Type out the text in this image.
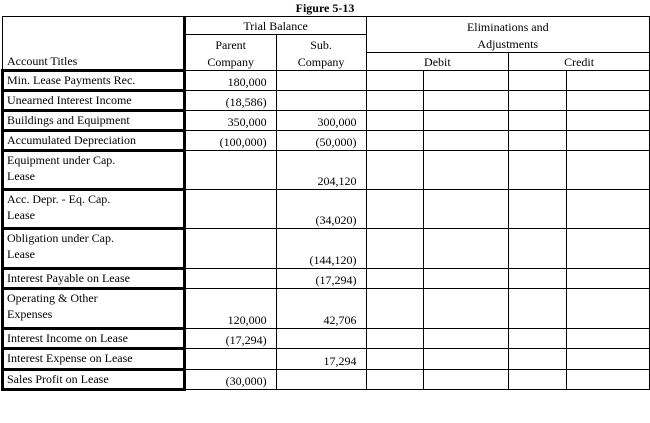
Figure 5-13
	Trial Balance		Eliminations and			
	Parent	Sub.	Adjustments			
Account Titles	Company	Company	Debit		Credit	
Min. Lease Payments Rec.	180,000					
Unearned Interest Income	(18,586)					
Buildings and Equipment	350,000	300,000				
Accumulated Depreciation	(100,000)	(50,000)				

Equipment under Cap.
Lease		204,120				

Acc. Depr. - Eq. Cap.
Lease		(34,020)				

Obligation under Cap.
Lease		(144,120)				
Interest Payable on Lease		(17,294)				

Operating & Other
Expenses	120,000	42,706				
Interest Income on Lease	(17,294)					
Interest Expense on Lease		17,294				
Sales Profit on Lease	(30,000)					
